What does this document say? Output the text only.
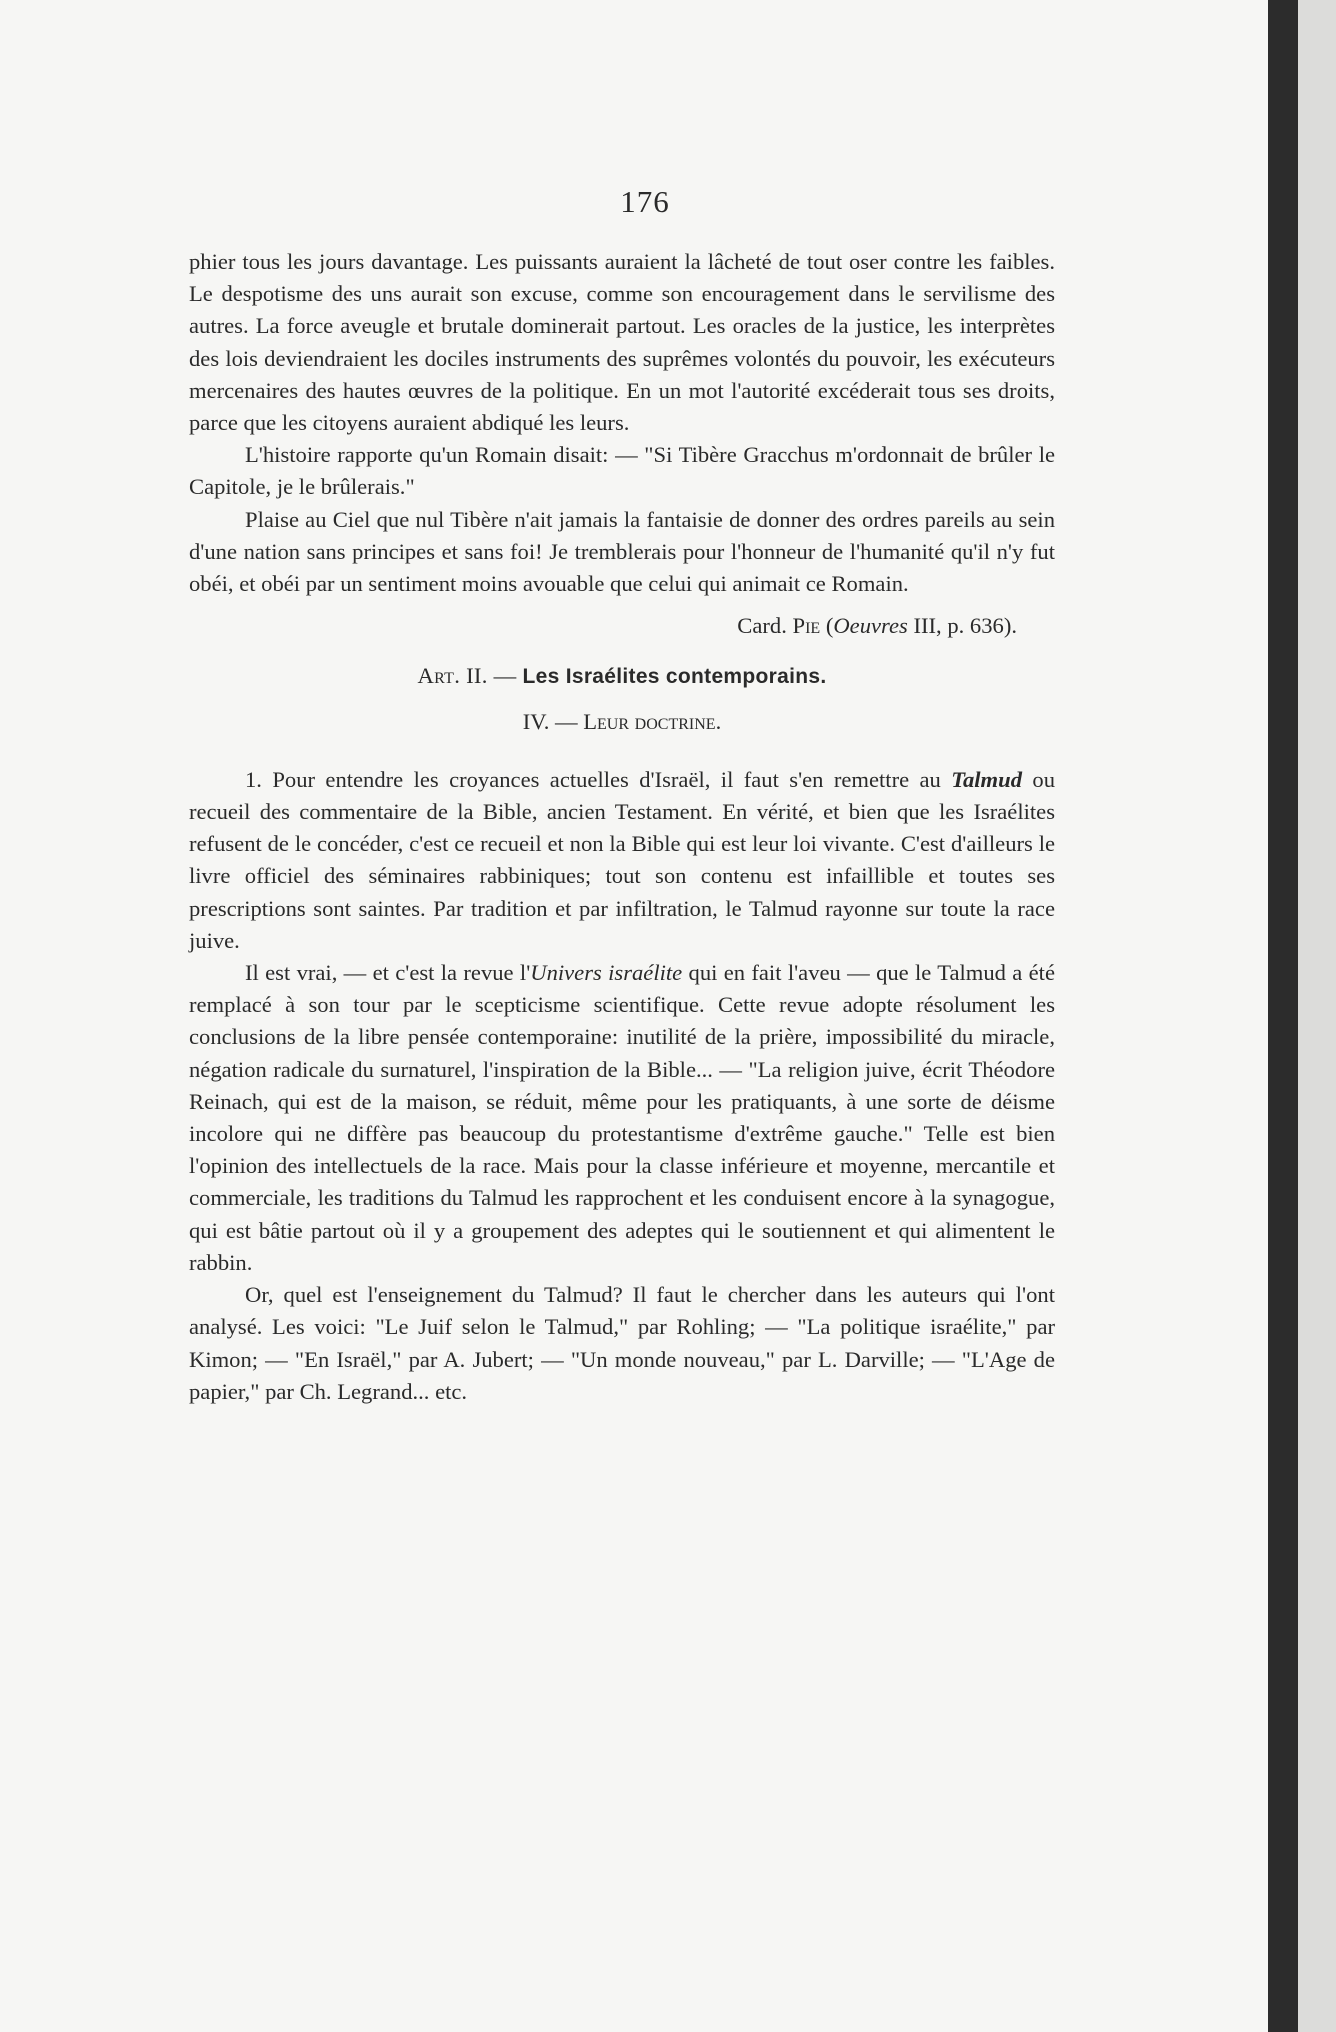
176

phier tous les jours davantage. Les puissants auraient la lâcheté de tout oser contre les faibles. Le despotisme des uns aurait son excuse, comme son encouragement dans le servilisme des autres. La force aveugle et brutale dominerait partout. Les oracles de la justice, les interprètes des lois deviendraient les dociles instruments des suprêmes volontés du pouvoir, les exécuteurs mercenaires des hautes œuvres de la politique. En un mot l'autorité excéderait tous ses droits, parce que les citoyens auraient abdiqué les leurs.

L'histoire rapporte qu'un Romain disait: — "Si Tibère Gracchus m'ordonnait de brûler le Capitole, je le brûlerais."

Plaise au Ciel que nul Tibère n'ait jamais la fantaisie de donner des ordres pareils au sein d'une nation sans principes et sans foi! Je tremblerais pour l'honneur de l'humanité qu'il n'y fut obéi, et obéi par un sentiment moins avouable que celui qui animait ce Romain.

Card. Pie (Oeuvres III, p. 636).

Art. II. — Les Israélites contemporains.

IV. — Leur doctrine.

1. Pour entendre les croyances actuelles d'Israël, il faut s'en remettre au Talmud ou recueil des commentaire de la Bible, ancien Testament. En vérité, et bien que les Israélites refusent de le concéder, c'est ce recueil et non la Bible qui est leur loi vivante. C'est d'ailleurs le livre officiel des séminaires rabbiniques; tout son contenu est infaillible et toutes ses prescriptions sont saintes. Par tradition et par infiltration, le Talmud rayonne sur toute la race juive.

Il est vrai, — et c'est la revue l'Univers israélite qui en fait l'aveu — que le Talmud a été remplacé à son tour par le scepticisme scientifique. Cette revue adopte résolument les conclusions de la libre pensée contemporaine: inutilité de la prière, impossibilité du miracle, négation radicale du surnaturel, l'inspiration de la Bible... — "La religion juive, écrit Théodore Reinach, qui est de la maison, se réduit, même pour les pratiquants, à une sorte de déisme incolore qui ne diffère pas beaucoup du protestantisme d'extrême gauche." Telle est bien l'opinion des intellectuels de la race. Mais pour la classe inférieure et moyenne, mercantile et commerciale, les traditions du Talmud les rapprochent et les conduisent encore à la synagogue, qui est bâtie partout où il y a groupement des adeptes qui le soutiennent et qui alimentent le rabbin.

Or, quel est l'enseignement du Talmud? Il faut le chercher dans les auteurs qui l'ont analysé. Les voici: "Le Juif selon le Talmud," par Rohling; — "La politique israélite," par Kimon; — "En Israël," par A. Jubert; — "Un monde nouveau," par L. Darville; — "L'Age de papier," par Ch. Legrand... etc.
